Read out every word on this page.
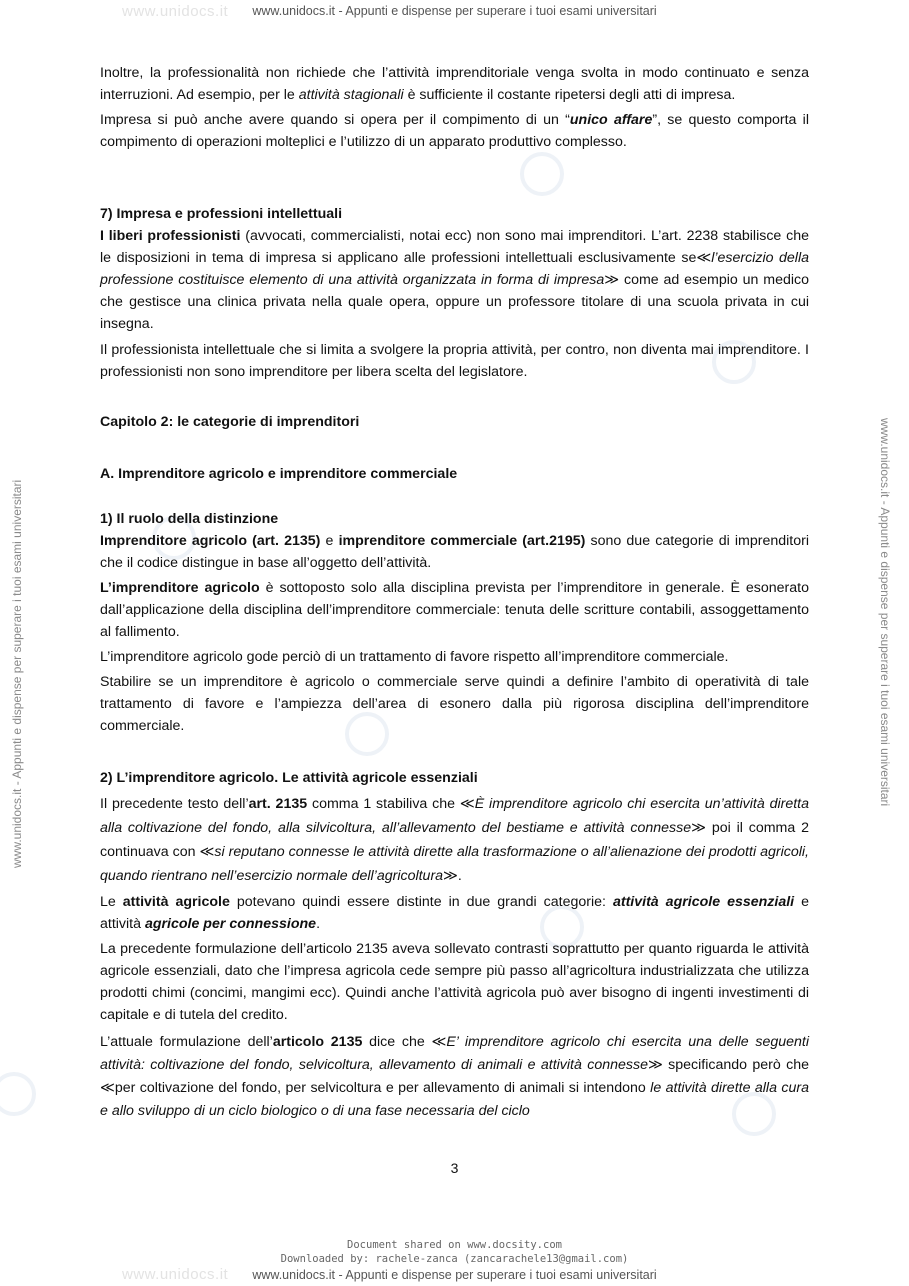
www.unidocs.it - Appunti e dispense per superare i tuoi esami universitari
www.unidocs.it
www.unidocs.it
www.unidocs.it - Appunti e dispense per superare i tuoi esami universitari	www.unidocs.it - Appunti e dispense per superare i tuoi esami universitari

Inoltre, la professionalità non richiede che l’attività imprenditoriale venga svolta in modo continuato e senza interruzioni. Ad esempio, per le attività stagionali è sufficiente il costante ripetersi degli atti di impresa.

Impresa si può anche avere quando si opera per il compimento di un “unico affare”, se questo comporta il compimento di operazioni molteplici e l’utilizzo di un apparato produttivo complesso.

7) Impresa e professioni intellettuali

I liberi professionisti (avvocati, commercialisti, notai ecc) non sono mai imprenditori. L’art. 2238 stabilisce che le disposizioni in tema di impresa si applicano alle professioni intellettuali esclusivamente se≪l’esercizio della professione costituisce elemento di una attività organizzata in forma di impresa≫ come ad esempio un medico che gestisce una clinica privata nella quale opera, oppure un professore titolare di una scuola privata in cui insegna.

Il professionista intellettuale che si limita a svolgere la propria attività, per contro, non diventa mai imprenditore. I professionisti non sono imprenditore per libera scelta del legislatore.

Capitolo 2: le categorie di imprenditori

A. Imprenditore agricolo e imprenditore commerciale

1) Il ruolo della distinzione

Imprenditore agricolo (art. 2135) e imprenditore commerciale (art.2195) sono due categorie di imprenditori che il codice distingue in base all’oggetto dell’attività.

L’imprenditore agricolo è sottoposto solo alla disciplina prevista per l’imprenditore in generale. È esonerato dall’applicazione della disciplina dell’imprenditore commerciale: tenuta delle scritture contabili, assoggettamento al fallimento.

L’imprenditore agricolo gode perciò di un trattamento di favore rispetto all’imprenditore commerciale.

Stabilire se un imprenditore è agricolo o commerciale serve quindi a definire l’ambito di operatività di tale trattamento di favore e l’ampiezza dell’area di esonero dalla più rigorosa disciplina dell’imprenditore commerciale.

2) L’imprenditore agricolo. Le attività agricole essenziali

Il precedente testo dell’art. 2135 comma 1 stabiliva che ≪È imprenditore agricolo chi esercita un’attività diretta alla coltivazione del fondo, alla silvicoltura, all’allevamento del bestiame e attività connesse≫ poi il comma 2 continuava con ≪si reputano connesse le attività dirette alla trasformazione o all’alienazione dei prodotti agricoli, quando rientrano nell’esercizio normale dell’agricoltura≫.

Le attività agricole potevano quindi essere distinte in due grandi categorie: attività agricole essenziali e attività agricole per connessione.

La precedente formulazione dell’articolo 2135 aveva sollevato contrasti soprattutto per quanto riguarda le attività agricole essenziali, dato che l’impresa agricola cede sempre più passo all’agricoltura industrializzata che utilizza prodotti chimi (concimi, mangimi ecc). Quindi anche l’attività agricola può aver bisogno di ingenti investimenti di capitale e di tutela del credito.

L’attuale formulazione dell’articolo 2135 dice che ≪E’ imprenditore agricolo chi esercita una delle seguenti attività: coltivazione del fondo, selvicoltura, allevamento di animali e attività connesse≫ specificando però che ≪per coltivazione del fondo, per selvicoltura e per allevamento di animali si intendono le attività dirette alla cura e allo sviluppo di un ciclo biologico o di una fase necessaria del ciclo

3
Document shared on www.docsity.com
Downloaded by: rachele-zanca (zancarachele13@gmail.com)
www.unidocs.it - Appunti e dispense per superare i tuoi esami universitari
